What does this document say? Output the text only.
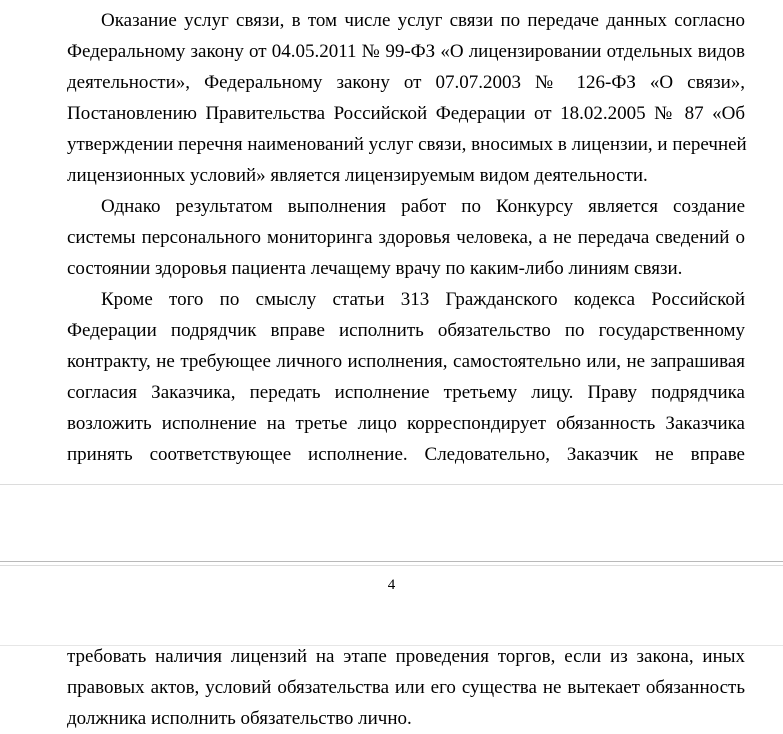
Оказание услуг связи, в том числе услуг связи по передаче данных согласно
Федеральному закону от 04.05.2011 № 99-ФЗ «О лицензировании отдельных видов
деятельности», Федеральному закону от 07.07.2003 № 126-ФЗ «О связи»,
Постановлению Правительства Российской Федерации от 18.02.2005 № 87 «Об
утверждении перечня наименований услуг связи, вносимых в лицензии, и перечней
лицензионных условий» является лицензируемым видом деятельности.
Однако результатом выполнения работ по Конкурсу является создание
системы персонального мониторинга здоровья человека, а не передача сведений о
состоянии здоровья пациента лечащему врачу по каким-либо линиям связи.
Кроме того по смыслу статьи 313 Гражданского кодекса Российской
Федерации подрядчик вправе исполнить обязательство по государственному
контракту, не требующее личного исполнения, самостоятельно или, не запрашивая
согласия Заказчика, передать исполнение третьему лицу. Праву подрядчика
возложить исполнение на третье лицо корреспондирует обязанность Заказчика
принять соответствующее исполнение. Следовательно, Заказчик не вправе
4
требовать наличия лицензий на этапе проведения торгов, если из закона, иных
правовых актов, условий обязательства или его существа не вытекает обязанность
должника исполнить обязательство лично.
